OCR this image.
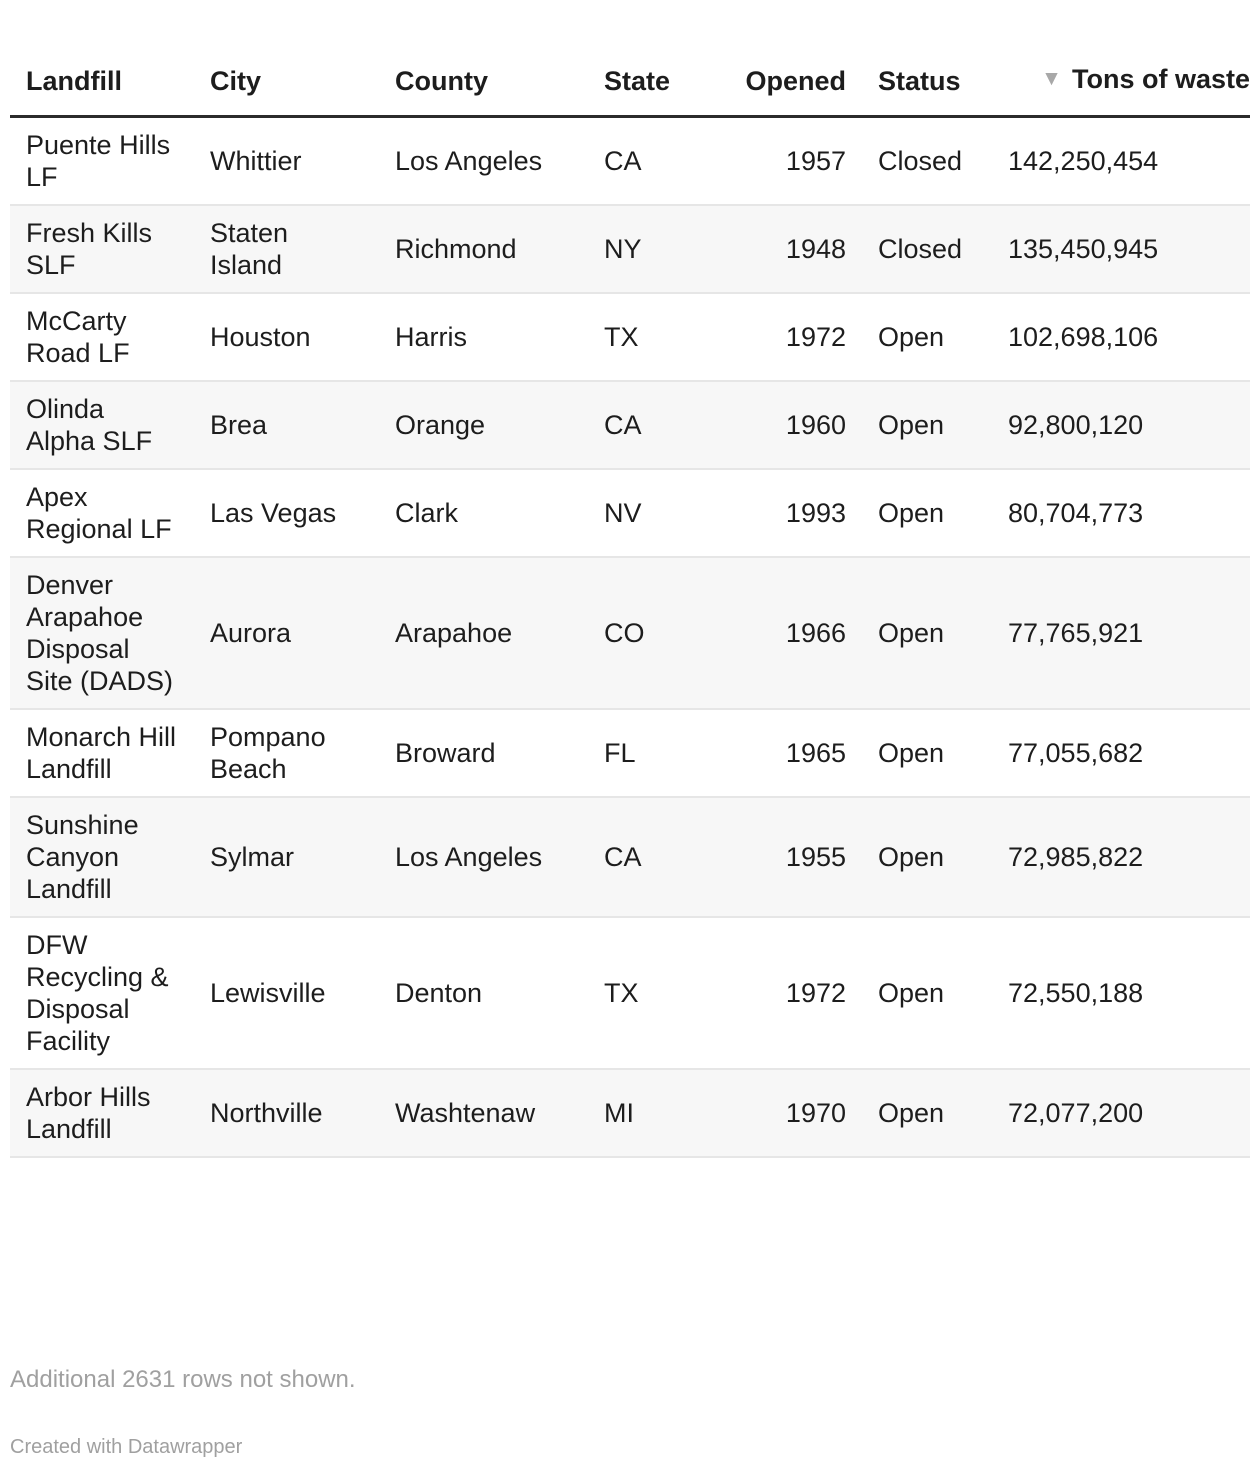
Landfill	City	County	State	Opened	Status	▼ Tons of waste
Puente Hills LF	Whittier	Los Angeles	CA	1957	Closed	142,250,454
Fresh Kills SLF	Staten Island	Richmond	NY	1948	Closed	135,450,945
McCarty Road LF	Houston	Harris	TX	1972	Open	102,698,106
Olinda Alpha SLF	Brea	Orange	CA	1960	Open	92,800,120
Apex Regional LF	Las Vegas	Clark	NV	1993	Open	80,704,773
Denver Arapahoe Disposal Site (DADS)	Aurora	Arapahoe	CO	1966	Open	77,765,921
Monarch Hill Landfill	Pompano Beach	Broward	FL	1965	Open	77,055,682
Sunshine Canyon Landfill	Sylmar	Los Angeles	CA	1955	Open	72,985,822
DFW Recycling & Disposal Facility	Lewisville	Denton	TX	1972	Open	72,550,188
Arbor Hills Landfill	Northville	Washtenaw	MI	1970	Open	72,077,200
Additional 2631 rows not shown.
Created with Datawrapper
